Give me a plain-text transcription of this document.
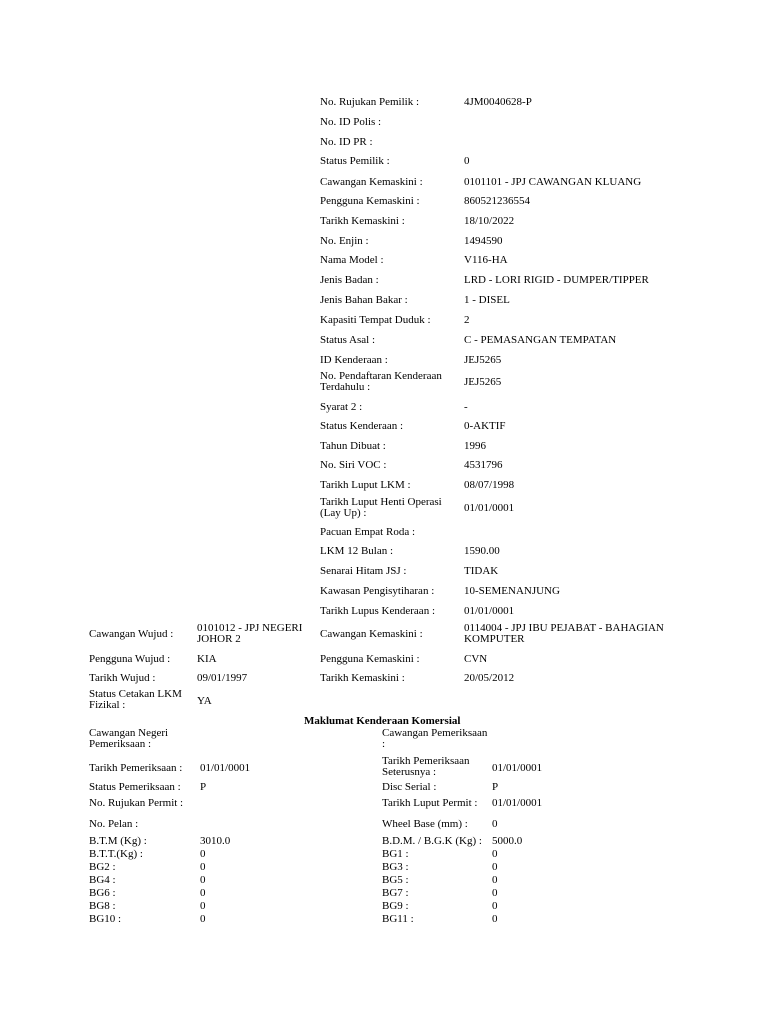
No. Rujukan Pemilik :	4JM0040628-P
No. ID Polis :
No. ID PR :
Status Pemilik :	0
Cawangan Kemaskini :	0101101 - JPJ CAWANGAN KLUANG
Pengguna Kemaskini :	860521236554
Tarikh Kemaskini :	18/10/2022
No. Enjin :	1494590
Nama Model :	V116-HA
Jenis Badan :	LRD - LORI RIGID - DUMPER/TIPPER
Jenis Bahan Bakar :	1 - DISEL
Kapasiti Tempat Duduk :	2
Status Asal :	C - PEMASANGAN TEMPATAN
ID Kenderaan :	JEJ5265
No. Pendaftaran Kenderaan Terdahulu :	JEJ5265
Syarat 2 :	-
Status Kenderaan :	0-AKTIF
Tahun Dibuat :	1996
No. Siri VOC :	4531796
Tarikh Luput LKM :	08/07/1998
Tarikh Luput Henti Operasi (Lay Up) :	01/01/0001
Pacuan Empat Roda :
LKM 12 Bulan :	1590.00
Senarai Hitam JSJ :	TIDAK
Kawasan Pengisytiharan :	10-SEMENANJUNG
Tarikh Lupus Kenderaan :	01/01/0001
Cawangan Wujud :	0101012 - JPJ NEGERI JOHOR 2
Pengguna Wujud :	KIA
Tarikh Wujud :	09/01/1997
Status Cetakan LKM Fizikal :	YA
Cawangan Kemaskini :	0114004 - JPJ IBU PEJABAT - BAHAGIAN KOMPUTER
Pengguna Kemaskini :	CVN
Tarikh Kemaskini :	20/05/2012
Maklumat Kenderaan Komersial
Cawangan Negeri Pemeriksaan :
Tarikh Pemeriksaan : 01/01/0001
Status Pemeriksaan : P
No. Rujukan Permit :
No. Pelan :
B.T.M (Kg) :	3010.0
B.T.T.(Kg) :	0
BG2 :	0
BG4 :	0
BG6 :	0
BG8 :	0
BG10 :	0
Cawangan Pemeriksaan :
Tarikh Pemeriksaan Seterusnya :	01/01/0001
Disc Serial :	P
Tarikh Luput Permit : 01/01/0001
Wheel Base (mm) : 0
B.D.M. / B.G.K (Kg) : 5000.0
BG1 :	0
BG3 :	0
BG5 :	0
BG7 :	0
BG9 :	0
BG11 :	0
